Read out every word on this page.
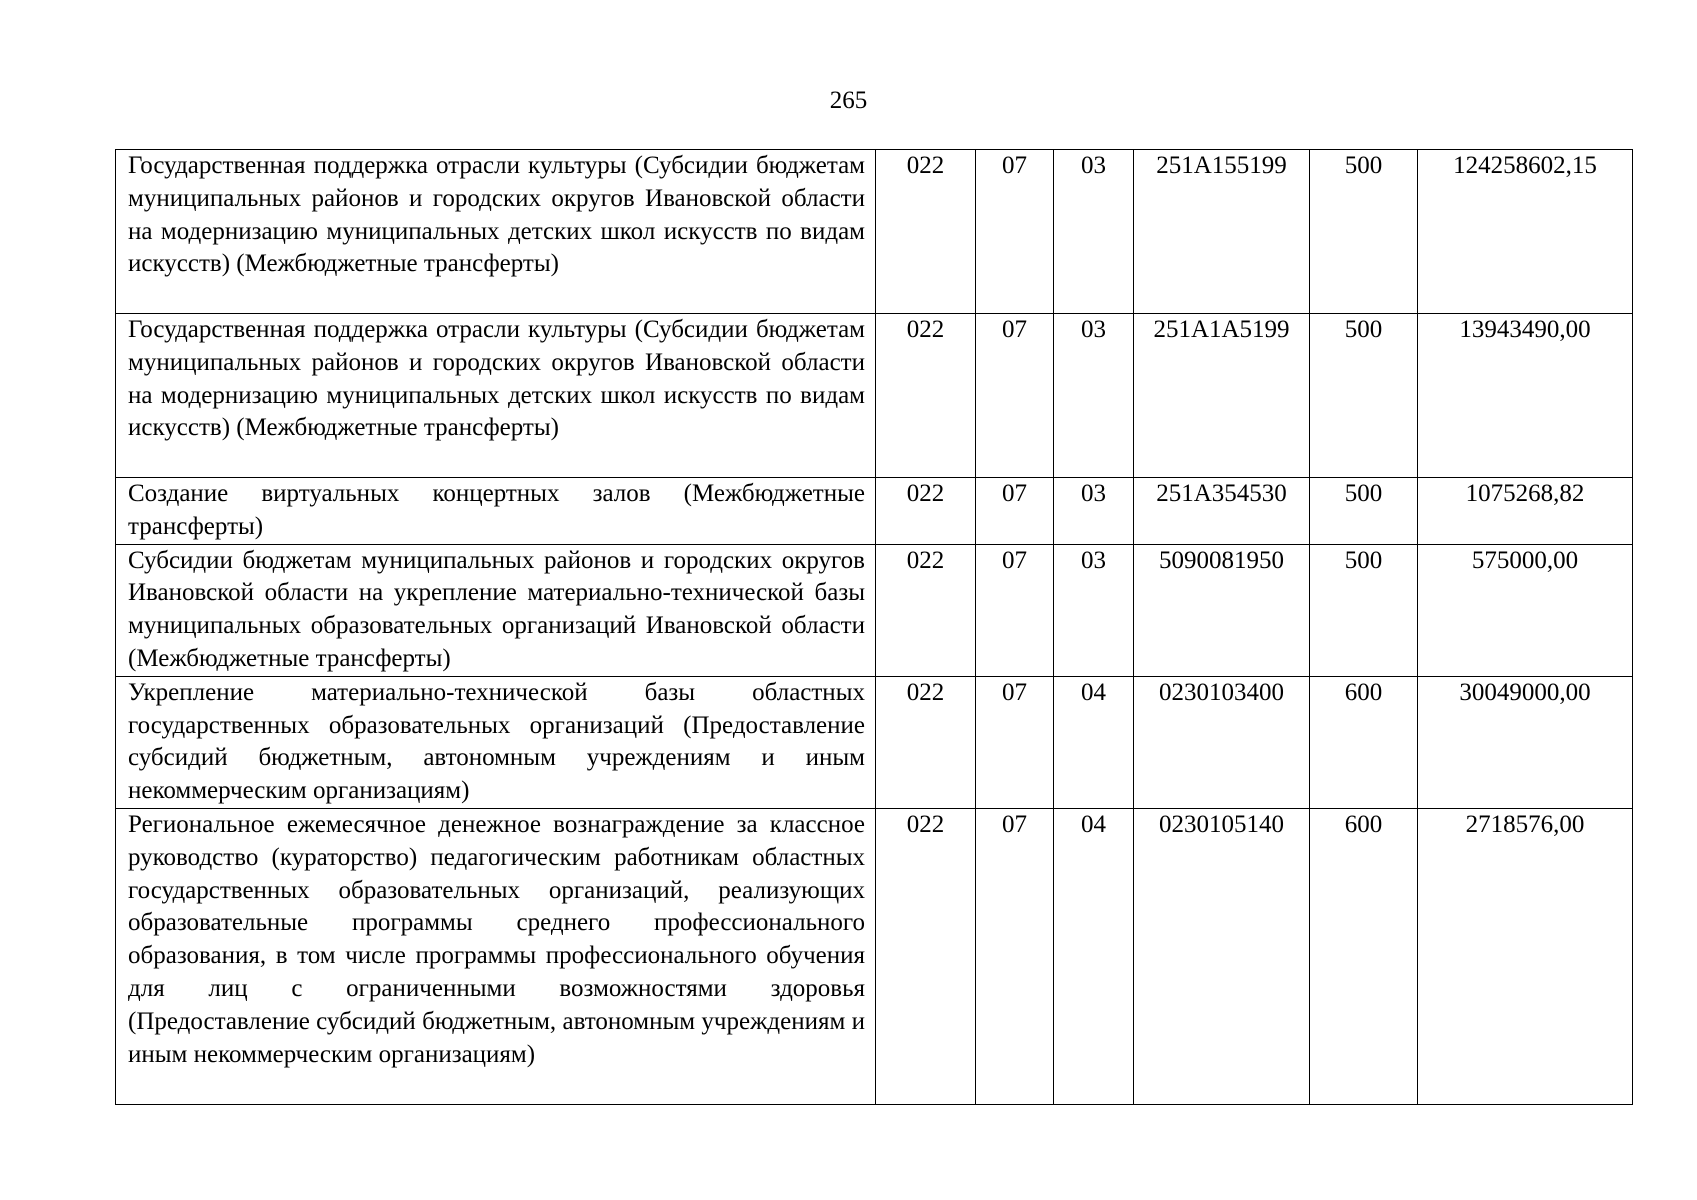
265
Государственная поддержка отрасли культуры (Субсидии бюджетам муниципальных районов и городских округов Ивановской области на модернизацию муниципальных детских школ искусств по видам искусств) (Межбюджетные трансферты)	022	07	03	251A155199	500	124258602,15
Государственная поддержка отрасли культуры (Субсидии бюджетам муниципальных районов и городских округов Ивановской области на модернизацию муниципальных детских школ искусств по видам искусств) (Межбюджетные трансферты)	022	07	03	251A1A5199	500	13943490,00
Создание виртуальных концертных залов (Межбюджетные трансферты)	022	07	03	251A354530	500	1075268,82
Субсидии бюджетам муниципальных районов и городских округов Ивановской области на укрепление материально-технической базы муниципальных образовательных организаций Ивановской области (Межбюджетные трансферты)	022	07	03	5090081950	500	575000,00
Укрепление материально-технической базы областных государственных образовательных организаций (Предоставление субсидий бюджетным, автономным учреждениям и иным некоммерческим организациям)	022	07	04	0230103400	600	30049000,00
Региональное ежемесячное денежное вознаграждение за классное руководство (кураторство) педагогическим работникам областных государственных образовательных организаций, реализующих образовательные программы среднего профессионального образования, в том числе программы профессионального обучения для лиц с ограниченными возможностями здоровья (Предоставление субсидий бюджетным, автономным учреждениям и иным некоммерческим организациям)	022	07	04	0230105140	600	2718576,00
